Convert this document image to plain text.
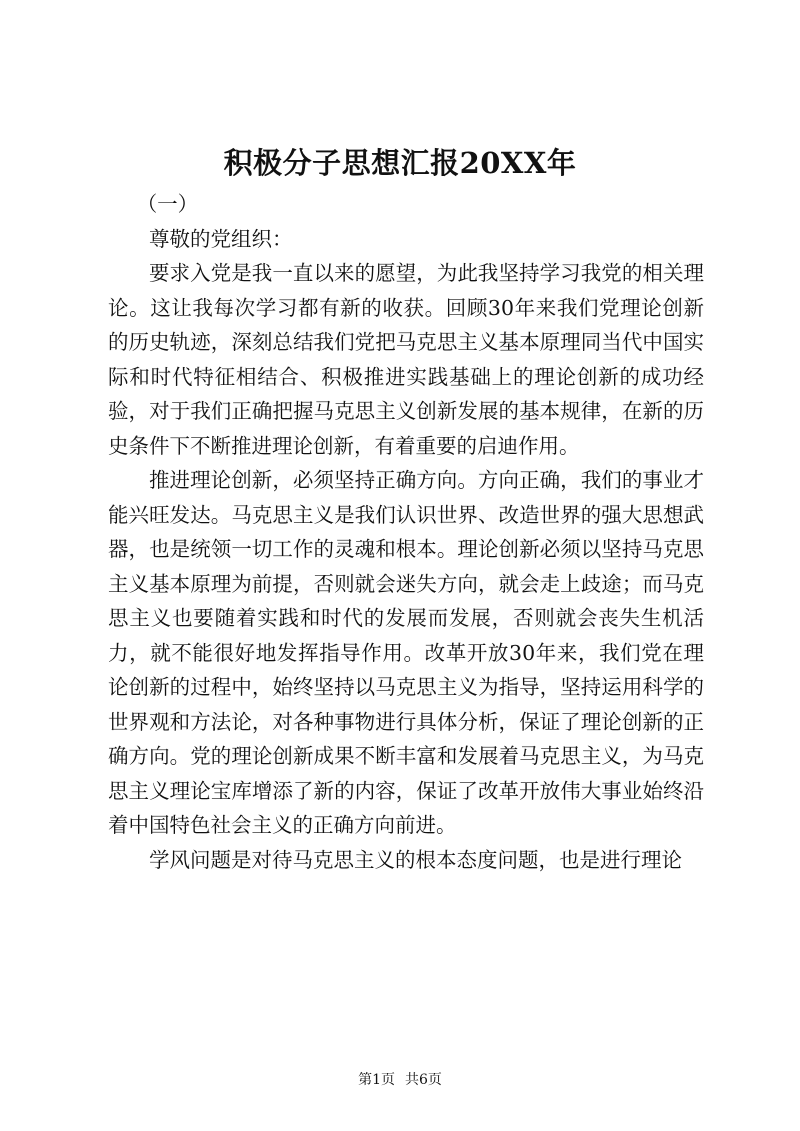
积极分子思想汇报20XX年

（一）

尊敬的党组织：

要求入党是我一直以来的愿望，为此我坚持学习我党的相关理论。这让我每次学习都有新的收获。回顾30年来我们党理论创新的历史轨迹，深刻总结我们党把马克思主义基本原理同当代中国实际和时代特征相结合、积极推进实践基础上的理论创新的成功经验，对于我们正确把握马克思主义创新发展的基本规律，在新的历史条件下不断推进理论创新，有着重要的启迪作用。

推进理论创新，必须坚持正确方向。方向正确，我们的事业才能兴旺发达。马克思主义是我们认识世界、改造世界的强大思想武器，也是统领一切工作的灵魂和根本。理论创新必须以坚持马克思主义基本原理为前提，否则就会迷失方向，就会走上歧途；而马克思主义也要随着实践和时代的发展而发展，否则就会丧失生机活力，就不能很好地发挥指导作用。改革开放30年来，我们党在理论创新的过程中，始终坚持以马克思主义为指导，坚持运用科学的世界观和方法论，对各种事物进行具体分析，保证了理论创新的正确方向。党的理论创新成果不断丰富和发展着马克思主义，为马克思主义理论宝库增添了新的内容，保证了改革开放伟大事业始终沿着中国特色社会主义的正确方向前进。

学风问题是对待马克思主义的根本态度问题，也是进行理论

第1页 共6页
